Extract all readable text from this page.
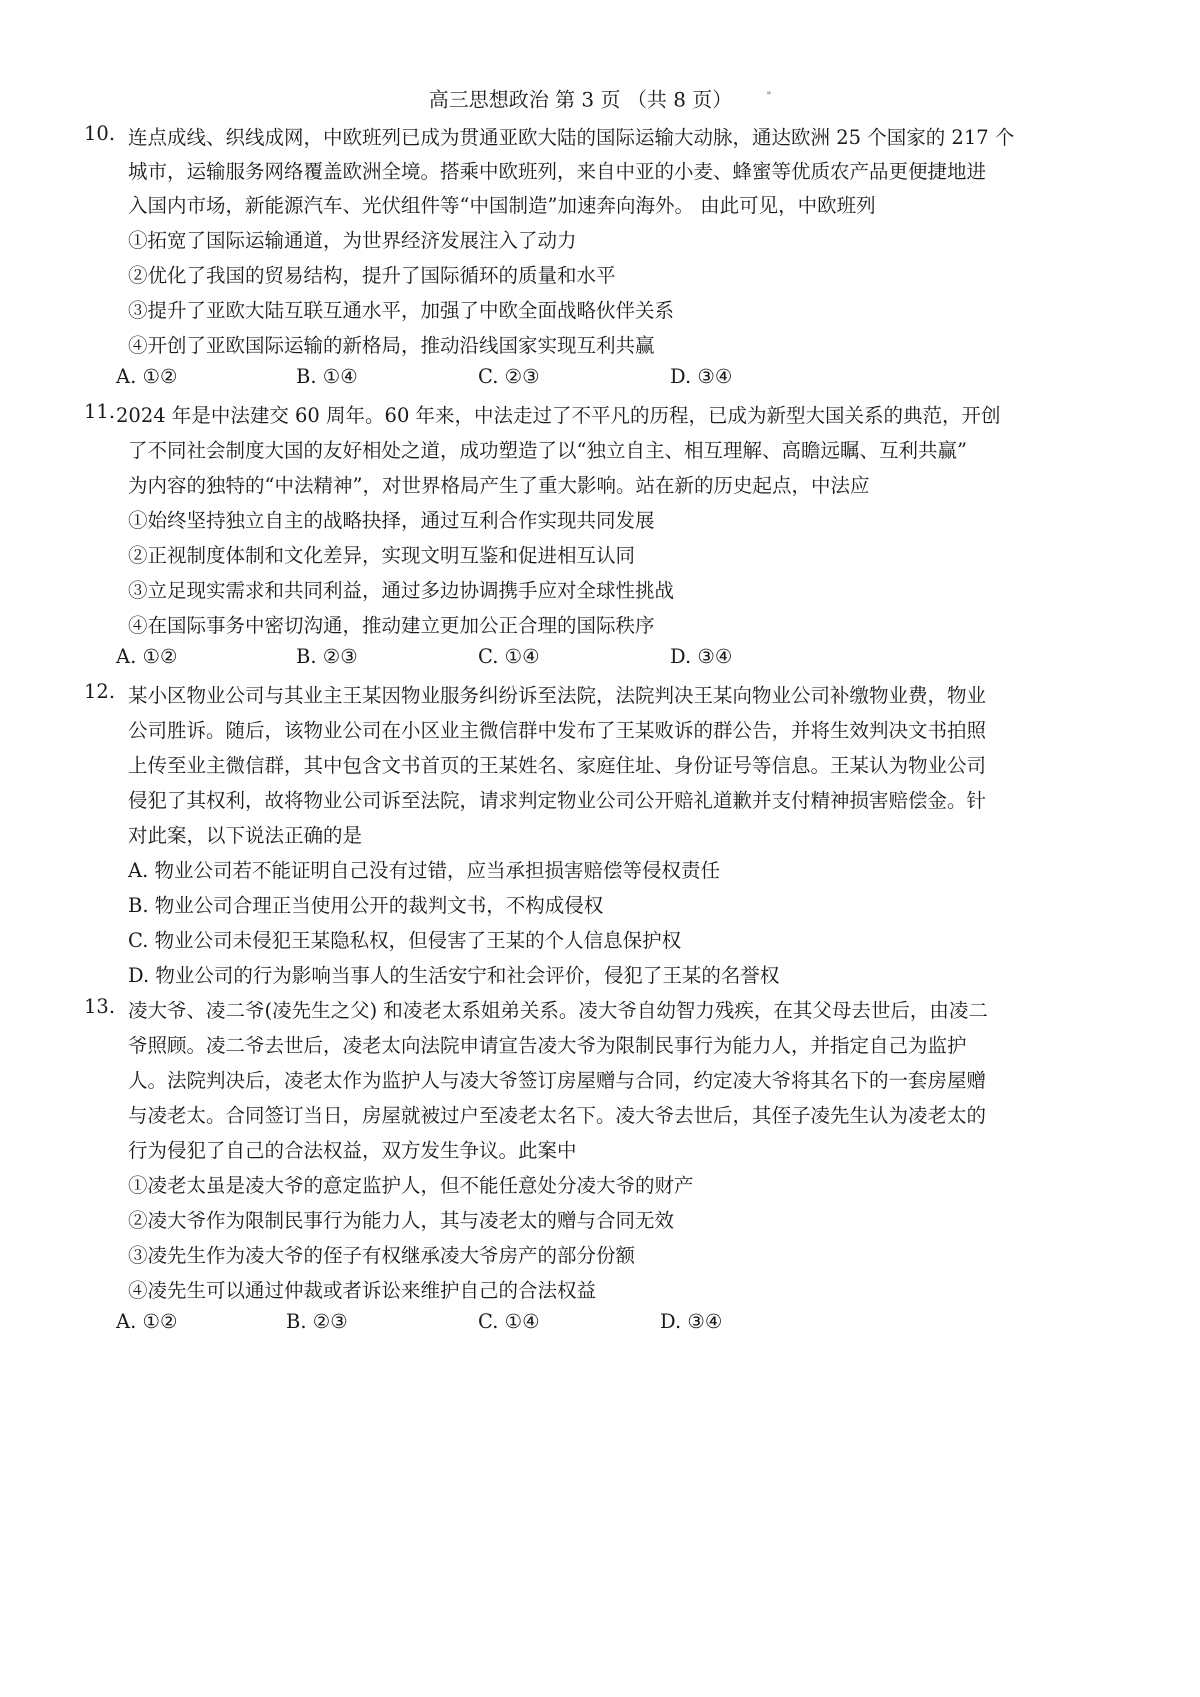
高三思想政治 第 3 页 （共 8 页）	"
10. 连点成线、织线成网，中欧班列已成为贯通亚欧大陆的国际运输大动脉，通达欧洲 25 个国家的 217 个
城市，运输服务网络覆盖欧洲全境。搭乘中欧班列，来自中亚的小麦、蜂蜜等优质农产品更便捷地进
入国内市场，新能源汽车、光伏组件等“中国制造”加速奔向海外。 由此可见，中欧班列
①拓宽了国际运输通道，为世界经济发展注入了动力
②优化了我国的贸易结构，提升了国际循环的质量和水平
③提升了亚欧大陆互联互通水平，加强了中欧全面战略伙伴关系
④开创了亚欧国际运输的新格局，推动沿线国家实现互利共赢
A. ①②	B. ①④	C. ②③	D. ③④
11. 2024 年是中法建交 60 周年。60 年来，中法走过了不平凡的历程，已成为新型大国关系的典范，开创
了不同社会制度大国的友好相处之道，成功塑造了以“独立自主、相互理解、高瞻远瞩、互利共赢”
为内容的独特的“中法精神”，对世界格局产生了重大影响。站在新的历史起点，中法应
①始终坚持独立自主的战略抉择，通过互利合作实现共同发展
②正视制度体制和文化差异，实现文明互鉴和促进相互认同
③立足现实需求和共同利益，通过多边协调携手应对全球性挑战
④在国际事务中密切沟通，推动建立更加公正合理的国际秩序
A. ①②	B. ②③	C. ①④	D. ③④
12. 某小区物业公司与其业主王某因物业服务纠纷诉至法院，法院判决王某向物业公司补缴物业费，物业
公司胜诉。随后，该物业公司在小区业主微信群中发布了王某败诉的群公告，并将生效判决文书拍照
上传至业主微信群，其中包含文书首页的王某姓名、家庭住址、身份证号等信息。王某认为物业公司
侵犯了其权利，故将物业公司诉至法院，请求判定物业公司公开赔礼道歉并支付精神损害赔偿金。针
对此案，以下说法正确的是
A. 物业公司若不能证明自己没有过错，应当承担损害赔偿等侵权责任
B. 物业公司合理正当使用公开的裁判文书，不构成侵权
C. 物业公司未侵犯王某隐私权，但侵害了王某的个人信息保护权
D. 物业公司的行为影响当事人的生活安宁和社会评价，侵犯了王某的名誉权
13. 凌大爷、凌二爷(凌先生之父) 和凌老太系姐弟关系。凌大爷自幼智力残疾，在其父母去世后，由凌二
爷照顾。凌二爷去世后，凌老太向法院申请宣告凌大爷为限制民事行为能力人，并指定自己为监护
人。法院判决后，凌老太作为监护人与凌大爷签订房屋赠与合同，约定凌大爷将其名下的一套房屋赠
与凌老太。合同签订当日，房屋就被过户至凌老太名下。凌大爷去世后，其侄子凌先生认为凌老太的
行为侵犯了自己的合法权益，双方发生争议。此案中
①凌老太虽是凌大爷的意定监护人，但不能任意处分凌大爷的财产
②凌大爷作为限制民事行为能力人，其与凌老太的赠与合同无效
③凌先生作为凌大爷的侄子有权继承凌大爷房产的部分份额
④凌先生可以通过仲裁或者诉讼来维护自己的合法权益
A. ①②	B. ②③	C. ①④	D. ③④
